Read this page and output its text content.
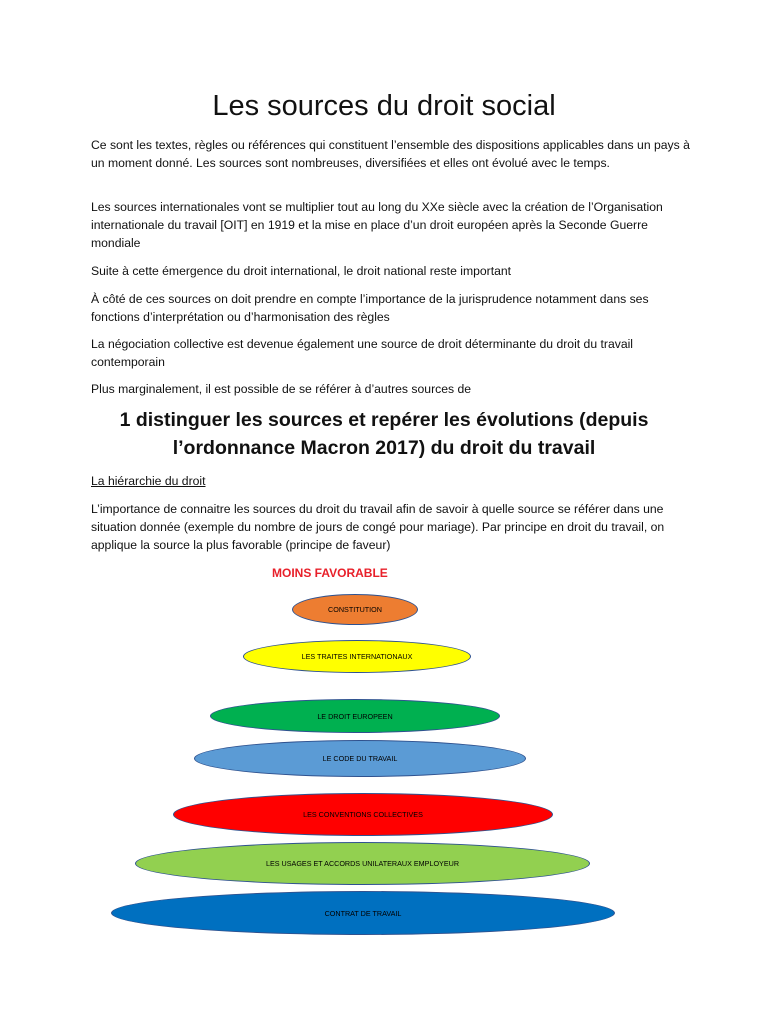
Les sources du droit social

Ce sont les textes, règles ou références qui constituent l’ensemble des dispositions applicables dans un pays à un moment donné. Les sources sont nombreuses, diversifiées et elles ont évolué avec le temps.

Les sources internationales vont se multiplier tout au long du XXe siècle avec la création de l’Organisation internationale du travail [OIT] en 1919 et la mise en place d’un droit européen après la Seconde Guerre mondiale

Suite à cette émergence du droit international, le droit national reste important

À côté de ces sources on doit prendre en compte l’importance de la jurisprudence notamment dans ses fonctions d’interprétation ou d’harmonisation des règles

La négociation collective est devenue également une source de droit déterminante du droit du travail contemporain

Plus marginalement, il est possible de se référer à d’autres sources de

1 distinguer les sources et repérer les évolutions (depuis l’ordonnance Macron 2017) du droit du travail

La hiérarchie du droit

L’importance de connaitre les sources du droit du travail afin de savoir à quelle source se référer dans une situation donnée (exemple du nombre de jours de congé pour mariage). Par principe en droit du travail, on applique la source la plus favorable (principe de faveur)

MOINS FAVORABLE
CONSTITUTION
LES TRAITES INTERNATIONAUX
LE DROIT EUROPEEN
LE CODE DU TRAVAIL
LES CONVENTIONS COLLECTIVES
LES USAGES ET ACCORDS UNILATERAUX EMPLOYEUR
CONTRAT DE TRAVAIL
